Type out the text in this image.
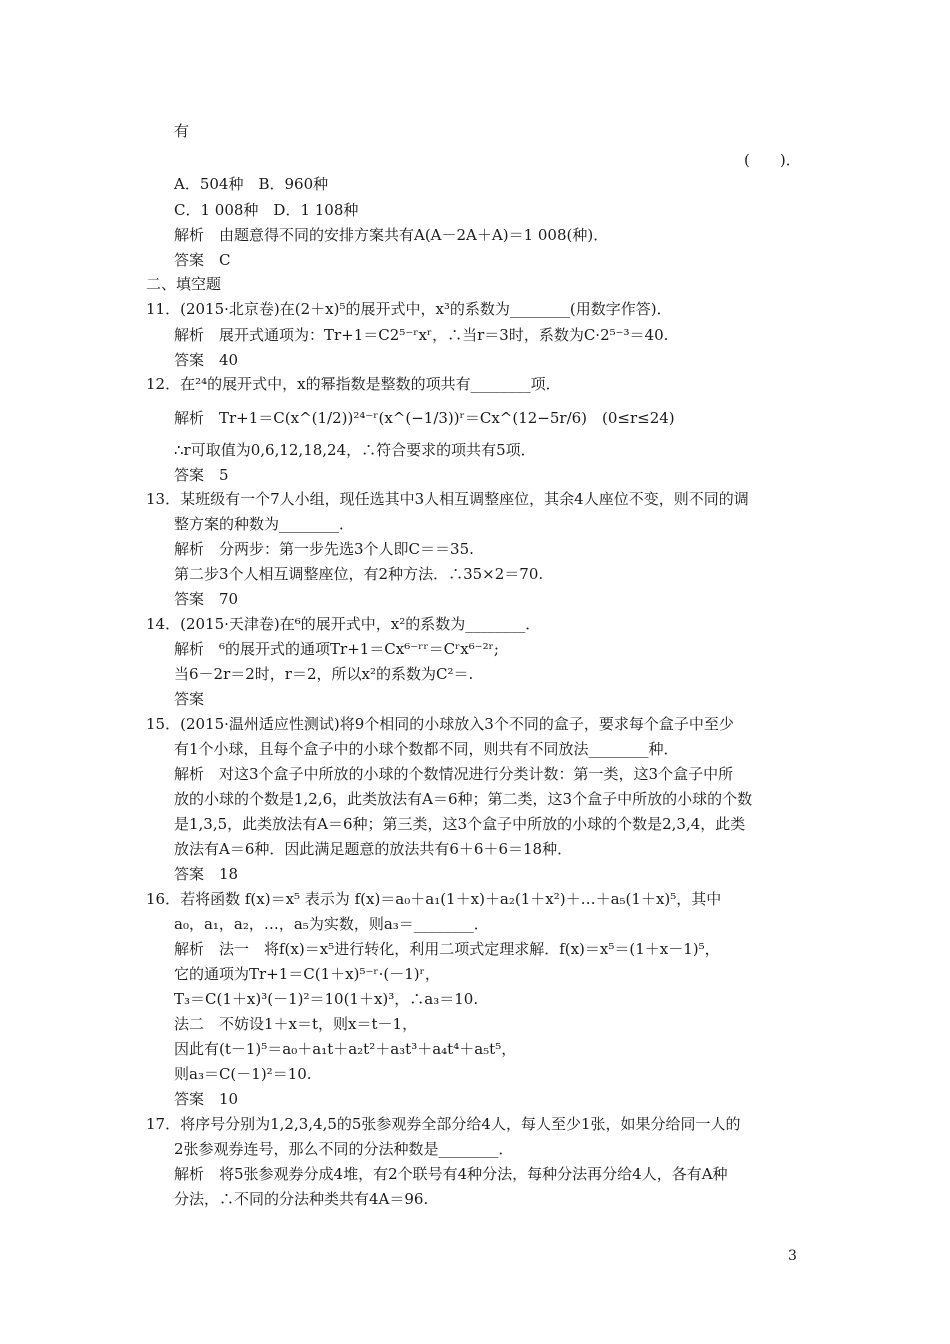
有
(　　)．
A．504种　B．960种
C．1 008种　D．1 108种
解析　由题意得不同的安排方案共有A(A－2A＋A)＝1 008(种)．
答案　C
二、填空题
11．(2015·北京卷)在(2＋x)⁵的展开式中，x³的系数为________(用数字作答)．
解析　展开式通项为：Tr+1＝C2⁵⁻ʳxʳ，∴当r＝3时，系数为C·2⁵⁻³＝40.
答案　40
12．在²⁴的展开式中，x的幂指数是整数的项共有________项．
解析　Tr+1＝C(x^(1/2))²⁴⁻ʳ(x^(−1/3))ʳ＝Cx^(12−5r/6)　(0≤r≤24)
∴r可取值为0,6,12,18,24，∴符合要求的项共有5项．
答案　5
13．某班级有一个7人小组，现任选其中3人相互调整座位，其余4人座位不变，则不同的调
整方案的种数为________．
解析　分两步：第一步先选3个人即C＝＝35.
第二步3个人相互调整座位，有2种方法．∴35×2＝70.
答案　70
14．(2015·天津卷)在⁶的展开式中，x²的系数为________．
解析　⁶的展开式的通项Tr+1＝Cx⁶⁻ʳʳ＝Cʳx⁶⁻²ʳ;
当6－2r＝2时，r＝2，所以x²的系数为C²＝.
答案
15．(2015·温州适应性测试)将9个相同的小球放入3个不同的盒子，要求每个盒子中至少
有1个小球，且每个盒子中的小球个数都不同，则共有不同放法________种．
解析　对这3个盒子中所放的小球的个数情况进行分类计数：第一类，这3个盒子中所
放的小球的个数是1,2,6，此类放法有A＝6种；第二类，这3个盒子中所放的小球的个数
是1,3,5，此类放法有A＝6种；第三类，这3个盒子中所放的小球的个数是2,3,4，此类
放法有A＝6种．因此满足题意的放法共有6＋6＋6＝18种．
答案　18
16．若将函数 f(x)＝x⁵ 表示为 f(x)＝a₀＋a₁(1＋x)＋a₂(1＋x²)＋…＋a₅(1＋x)⁵，其中
a₀，a₁，a₂，…，a₅为实数，则a₃＝________．
解析　法一　将f(x)＝x⁵进行转化，利用二项式定理求解．f(x)＝x⁵＝(1＋x－1)⁵，
它的通项为Tr+1＝C(1＋x)⁵⁻ʳ·(－1)ʳ，
T₃＝C(1＋x)³(－1)²＝10(1＋x)³，∴a₃＝10.
法二　不妨设1＋x＝t，则x＝t－1，
因此有(t－1)⁵＝a₀＋a₁t＋a₂t²＋a₃t³＋a₄t⁴＋a₅t⁵，
则a₃＝C(－1)²＝10.
答案　10
17．将序号分别为1,2,3,4,5的5张参观券全部分给4人，每人至少1张，如果分给同一人的
2张参观券连号，那么不同的分法种数是________．
解析　将5张参观券分成4堆，有2个联号有4种分法，每种分法再分给4人，各有A种
分法，∴不同的分法种类共有4A＝96.
3
